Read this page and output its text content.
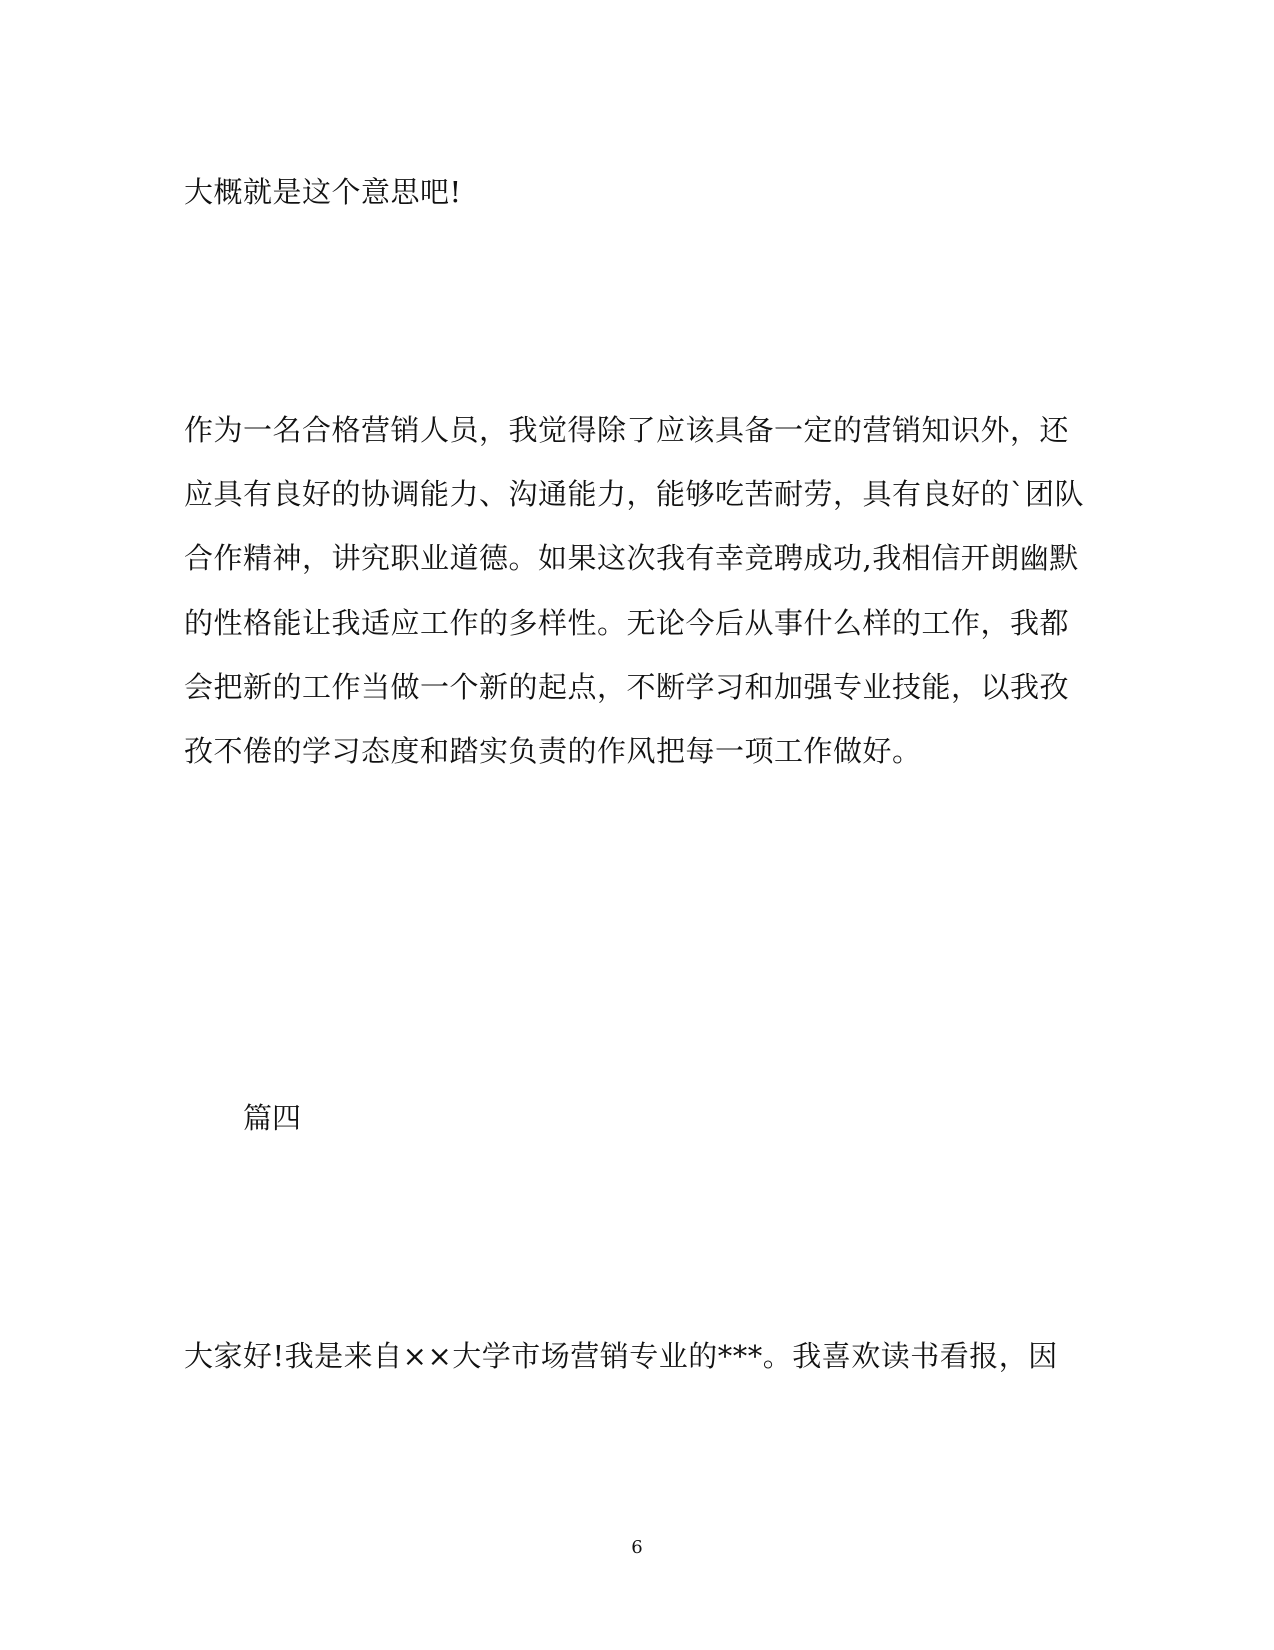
大概就是这个意思吧!
作为一名合格营销人员，我觉得除了应该具备一定的营销知识外，还
应具有良好的协调能力、沟通能力，能够吃苦耐劳，具有良好的`团队
合作精神，讲究职业道德。如果这次我有幸竞聘成功,我相信开朗幽默
的性格能让我适应工作的多样性。无论今后从事什么样的工作，我都
会把新的工作当做一个新的起点，不断学习和加强专业技能，以我孜
孜不倦的学习态度和踏实负责的作风把每一项工作做好。
篇四
大家好!我是来自××大学市场营销专业的***。我喜欢读书看报，因
6
